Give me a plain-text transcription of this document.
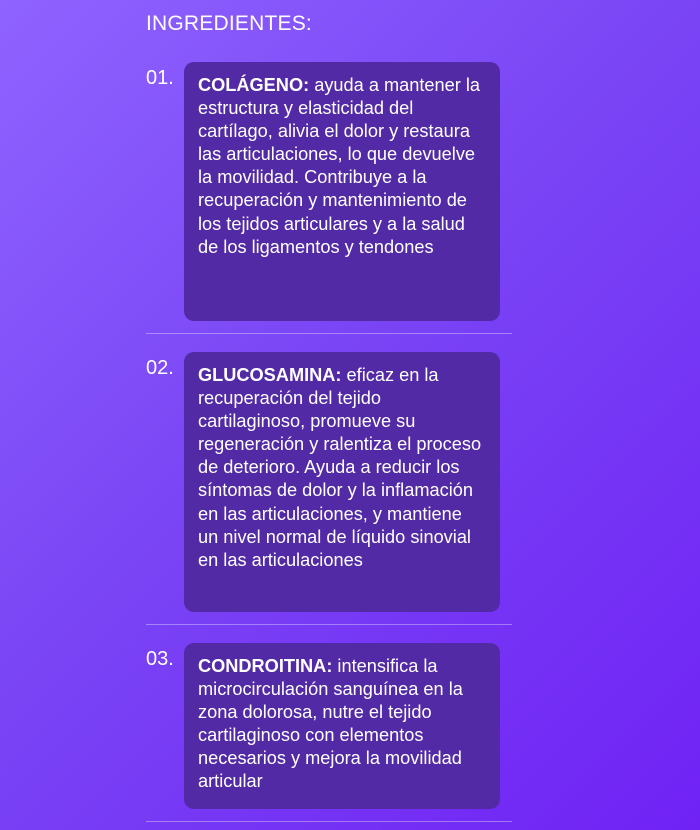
INGREDIENTES:
01.	COLÁGENO: ayuda a mantener la estructura y elasticidad del cartílago, alivia el dolor y restaura las articulaciones, lo que devuelve la movilidad. Contribuye a la recuperación y mantenimiento de los tejidos articulares y a la salud de los ligamentos y tendones
02.	GLUCOSAMINA: eficaz en la recuperación del tejido cartilaginoso, promueve su regeneración y ralentiza el proceso de deterioro. Ayuda a reducir los síntomas de dolor y la inflamación en las articulaciones, y mantiene un nivel normal de líquido sinovial en las articulaciones
03.	CONDROITINA: intensifica la microcirculación sanguínea en la zona dolorosa, nutre el tejido cartilaginoso con elementos necesarios y mejora la movilidad articular
